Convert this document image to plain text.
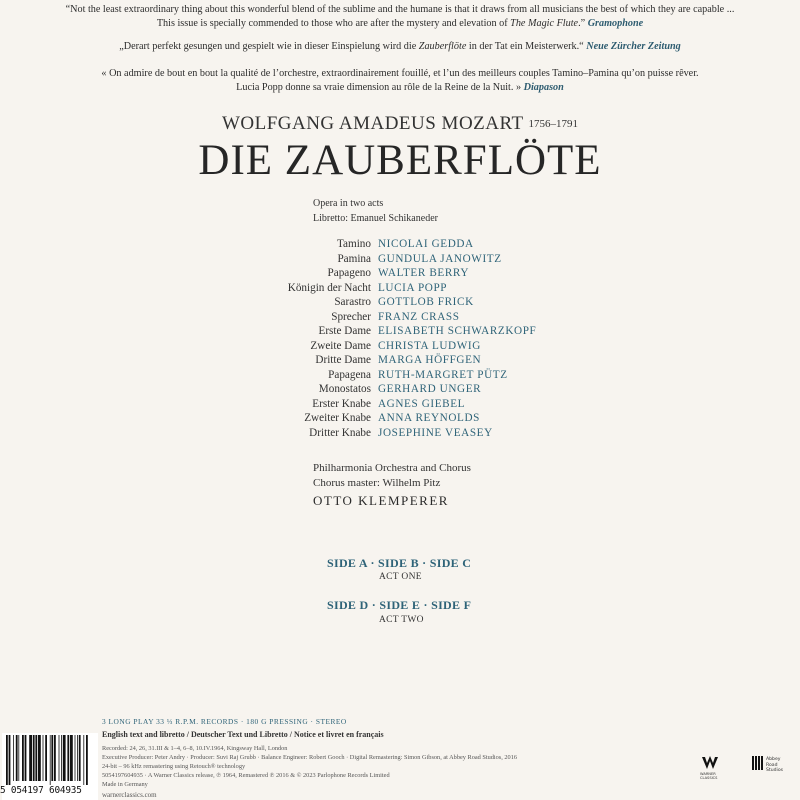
“Not the least extraordinary thing about this wonderful blend of the sublime and the humane is that it draws from all musicians the best of which they are capable ...
This issue is specially commended to those who are after the mystery and elevation of The Magic Flute.” Gramophone
„Derart perfekt gesungen und gespielt wie in dieser Einspielung wird die Zauberflöte in der Tat ein Meisterwerk.“ Neue Zürcher Zeitung
« On admire de bout en bout la qualité de l’orchestre, extraordinairement fouillé, et l’un des meilleurs couples Tamino–Pamina qu’on puisse rêver.
Lucia Popp donne sa vraie dimension au rôle de la Reine de la Nuit. » Diapason
WOLFGANG AMADEUS MOZART 1756–1791
DIE ZAUBERFLÖTE
Opera in two acts
Libretto: Emanuel Schikaneder
Tamino NICOLAI GEDDA
Pamina GUNDULA JANOWITZ
Papageno WALTER BERRY
Königin der Nacht LUCIA POPP
Sarastro GOTTLOB FRICK
Sprecher FRANZ CRASS
Erste Dame ELISABETH SCHWARZKOPF
Zweite Dame CHRISTA LUDWIG
Dritte Dame MARGA HÖFFGEN
Papagena RUTH-MARGRET PÜTZ
Monostatos GERHARD UNGER
Erster Knabe AGNES GIEBEL
Zweiter Knabe ANNA REYNOLDS
Dritter Knabe JOSEPHINE VEASEY
Philharmonia Orchestra and Chorus
Chorus master: Wilhelm Pitz
OTTO KLEMPERER
SIDE A · SIDE B · SIDE C
ACT ONE
SIDE D · SIDE E · SIDE F
ACT TWO
3 LONG PLAY 33 ⅓ R.P.M. RECORDS · 180 G PRESSING · STEREO
English text and libretto / Deutscher Text und Libretto / Notice et livret en français
Recorded: 24, 26, 31.III & 1–4, 6–8, 10.IV.1964, Kingsway Hall, London
Executive Producer: Peter Andry · Producer: Suvi Raj Grubb · Balance Engineer: Robert Gooch · Digital Remastering: Simon Gibson, at Abbey Road Studios, 2016
24-bit – 96 kHz remastering using Retouch® technology
5054197604935 · A Warner Classics release, ℗ 1964, Remastered ℗ 2016 & © 2023 Parlophone Records Limited
Made in Germany
warnerclassics.com
5 054197 604935
WARNER CLASSICS
Abbey Road Studios
